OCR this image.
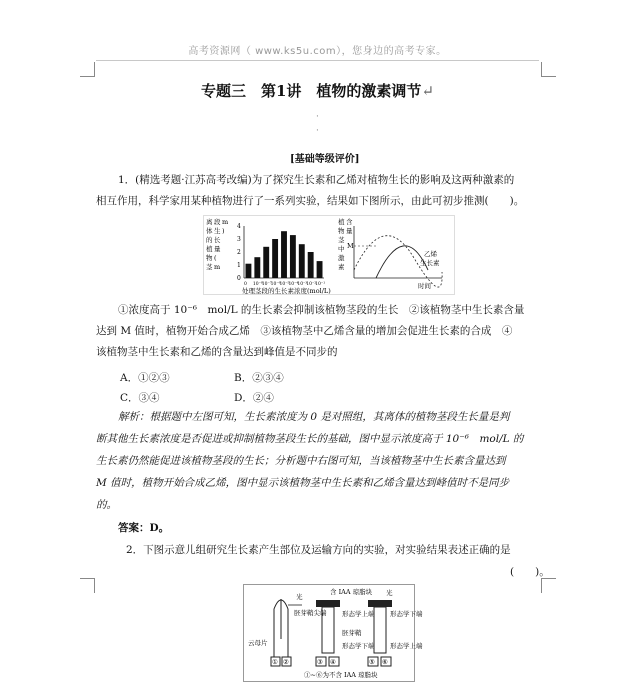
高考资源网（ www.ks5u.com），您身边的高考专家。
专题三　第1讲　植物的激素调节↵
·
·
[基础等级评价]
1．(精选考题·江苏高考改编)为了探究生长素和乙烯对植物生长的影响及这两种激素的
相互作用，科学家用某种植物进行了一系列实验，结果如下图所示，由此可初步推测(　　)。
离体的植物茎段生长量( mm )
0
1
2
3
4
0 10⁻⁸10⁻⁷10⁻⁶10⁻⁵10⁻⁴10⁻³10⁻²10⁻¹
处理茎段的生长素浓度(mol/L)
植物茎中激素含量
M
乙烯
生长素
时间
①浓度高于 10⁻⁶　mol/L 的生长素会抑制该植物茎段的生长　②该植物茎中生长素含量
达到 M 值时，植物开始合成乙烯　③该植物茎中乙烯含量的增加会促进生长素的合成　④
该植物茎中生长素和乙烯的含量达到峰值是不同步的
A．①②③	B．②③④
C．③④	D．②④
解析：根据题中左图可知，生长素浓度为 0 是对照组，其离体的植物茎段生长量是判
断其他生长素浓度是否促进或抑制植物茎段生长的基础，图中显示浓度高于 10⁻⁶　mol/L 的
生长素仍然能促进该植物茎段的生长；分析题中右图可知，当该植物茎中生长素含量达到
M 值时，植物开始合成乙烯，图中显示该植物茎中生长素和乙烯含量达到峰值时不是同步
的。
答案：D。
2．下图示意儿组研究生长素产生部位及运输方向的实验，对实验结果表述正确的是
(　　)。
含 IAA 琼脂块
光
胚芽鞘尖端
云母片
① ②
形态学上端
胚芽鞘
形态学下端
③ ④
形态学下端
形态学上端
光
⑤ ⑥
①~⑥为不含 IAA 琼脂块
